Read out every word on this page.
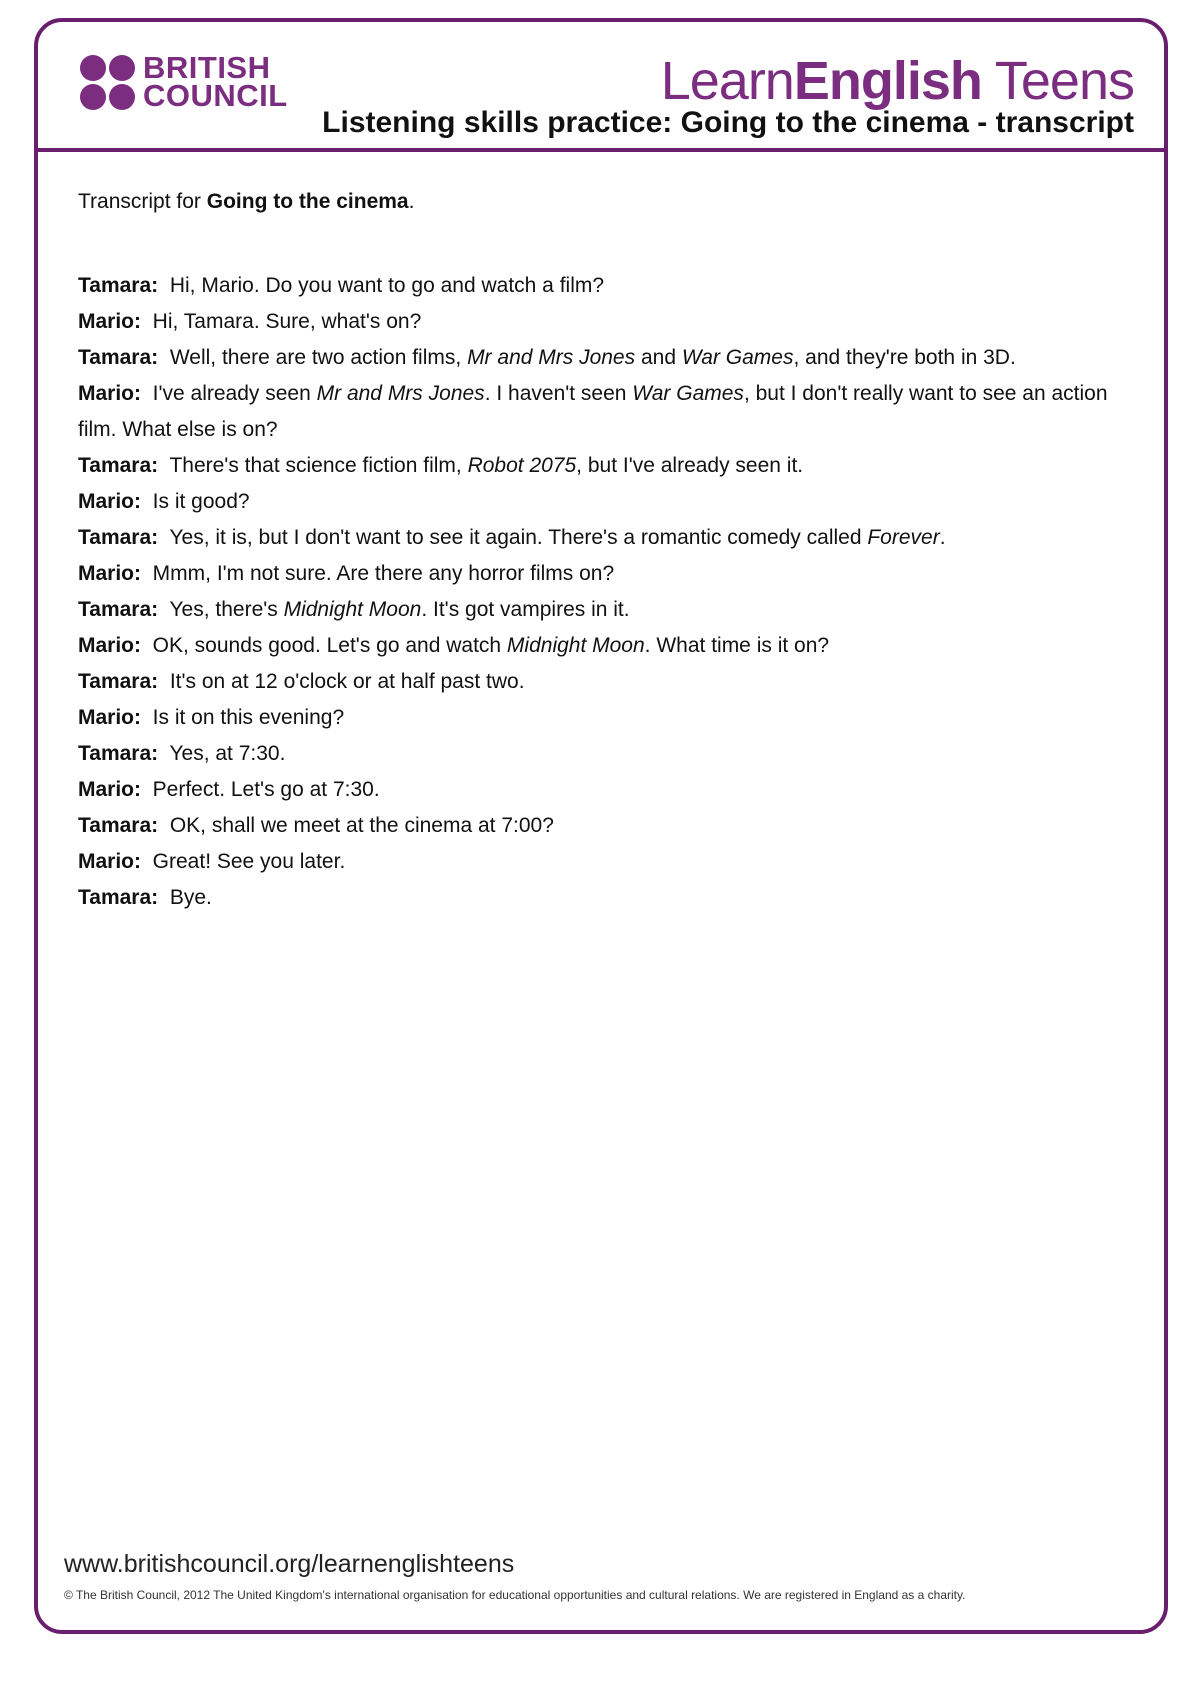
BRITISH
COUNCIL	LearnEnglish Teens
Listening skills practice: Going to the cinema - transcript

Transcript for Going to the cinema.

Tamara: Hi, Mario. Do you want to go and watch a film?

Mario: Hi, Tamara. Sure, what's on?

Tamara: Well, there are two action films, Mr and Mrs Jones and War Games, and they're both in 3D.

Mario: I've already seen Mr and Mrs Jones. I haven't seen War Games, but I don't really want to see an action film. What else is on?

Tamara: There's that science fiction film, Robot 2075, but I've already seen it.

Mario: Is it good?

Tamara: Yes, it is, but I don't want to see it again. There's a romantic comedy called Forever.

Mario: Mmm, I'm not sure. Are there any horror films on?

Tamara: Yes, there's Midnight Moon. It's got vampires in it.

Mario: OK, sounds good. Let's go and watch Midnight Moon. What time is it on?

Tamara: It's on at 12 o'clock or at half past two.

Mario: Is it on this evening?

Tamara: Yes, at 7:30.

Mario: Perfect. Let's go at 7:30.

Tamara: OK, shall we meet at the cinema at 7:00?

Mario: Great! See you later.

Tamara: Bye.

www.britishcouncil.org/learnenglishteens
© The British Council, 2012 The United Kingdom's international organisation for educational opportunities and cultural relations. We are registered in England as a charity.
